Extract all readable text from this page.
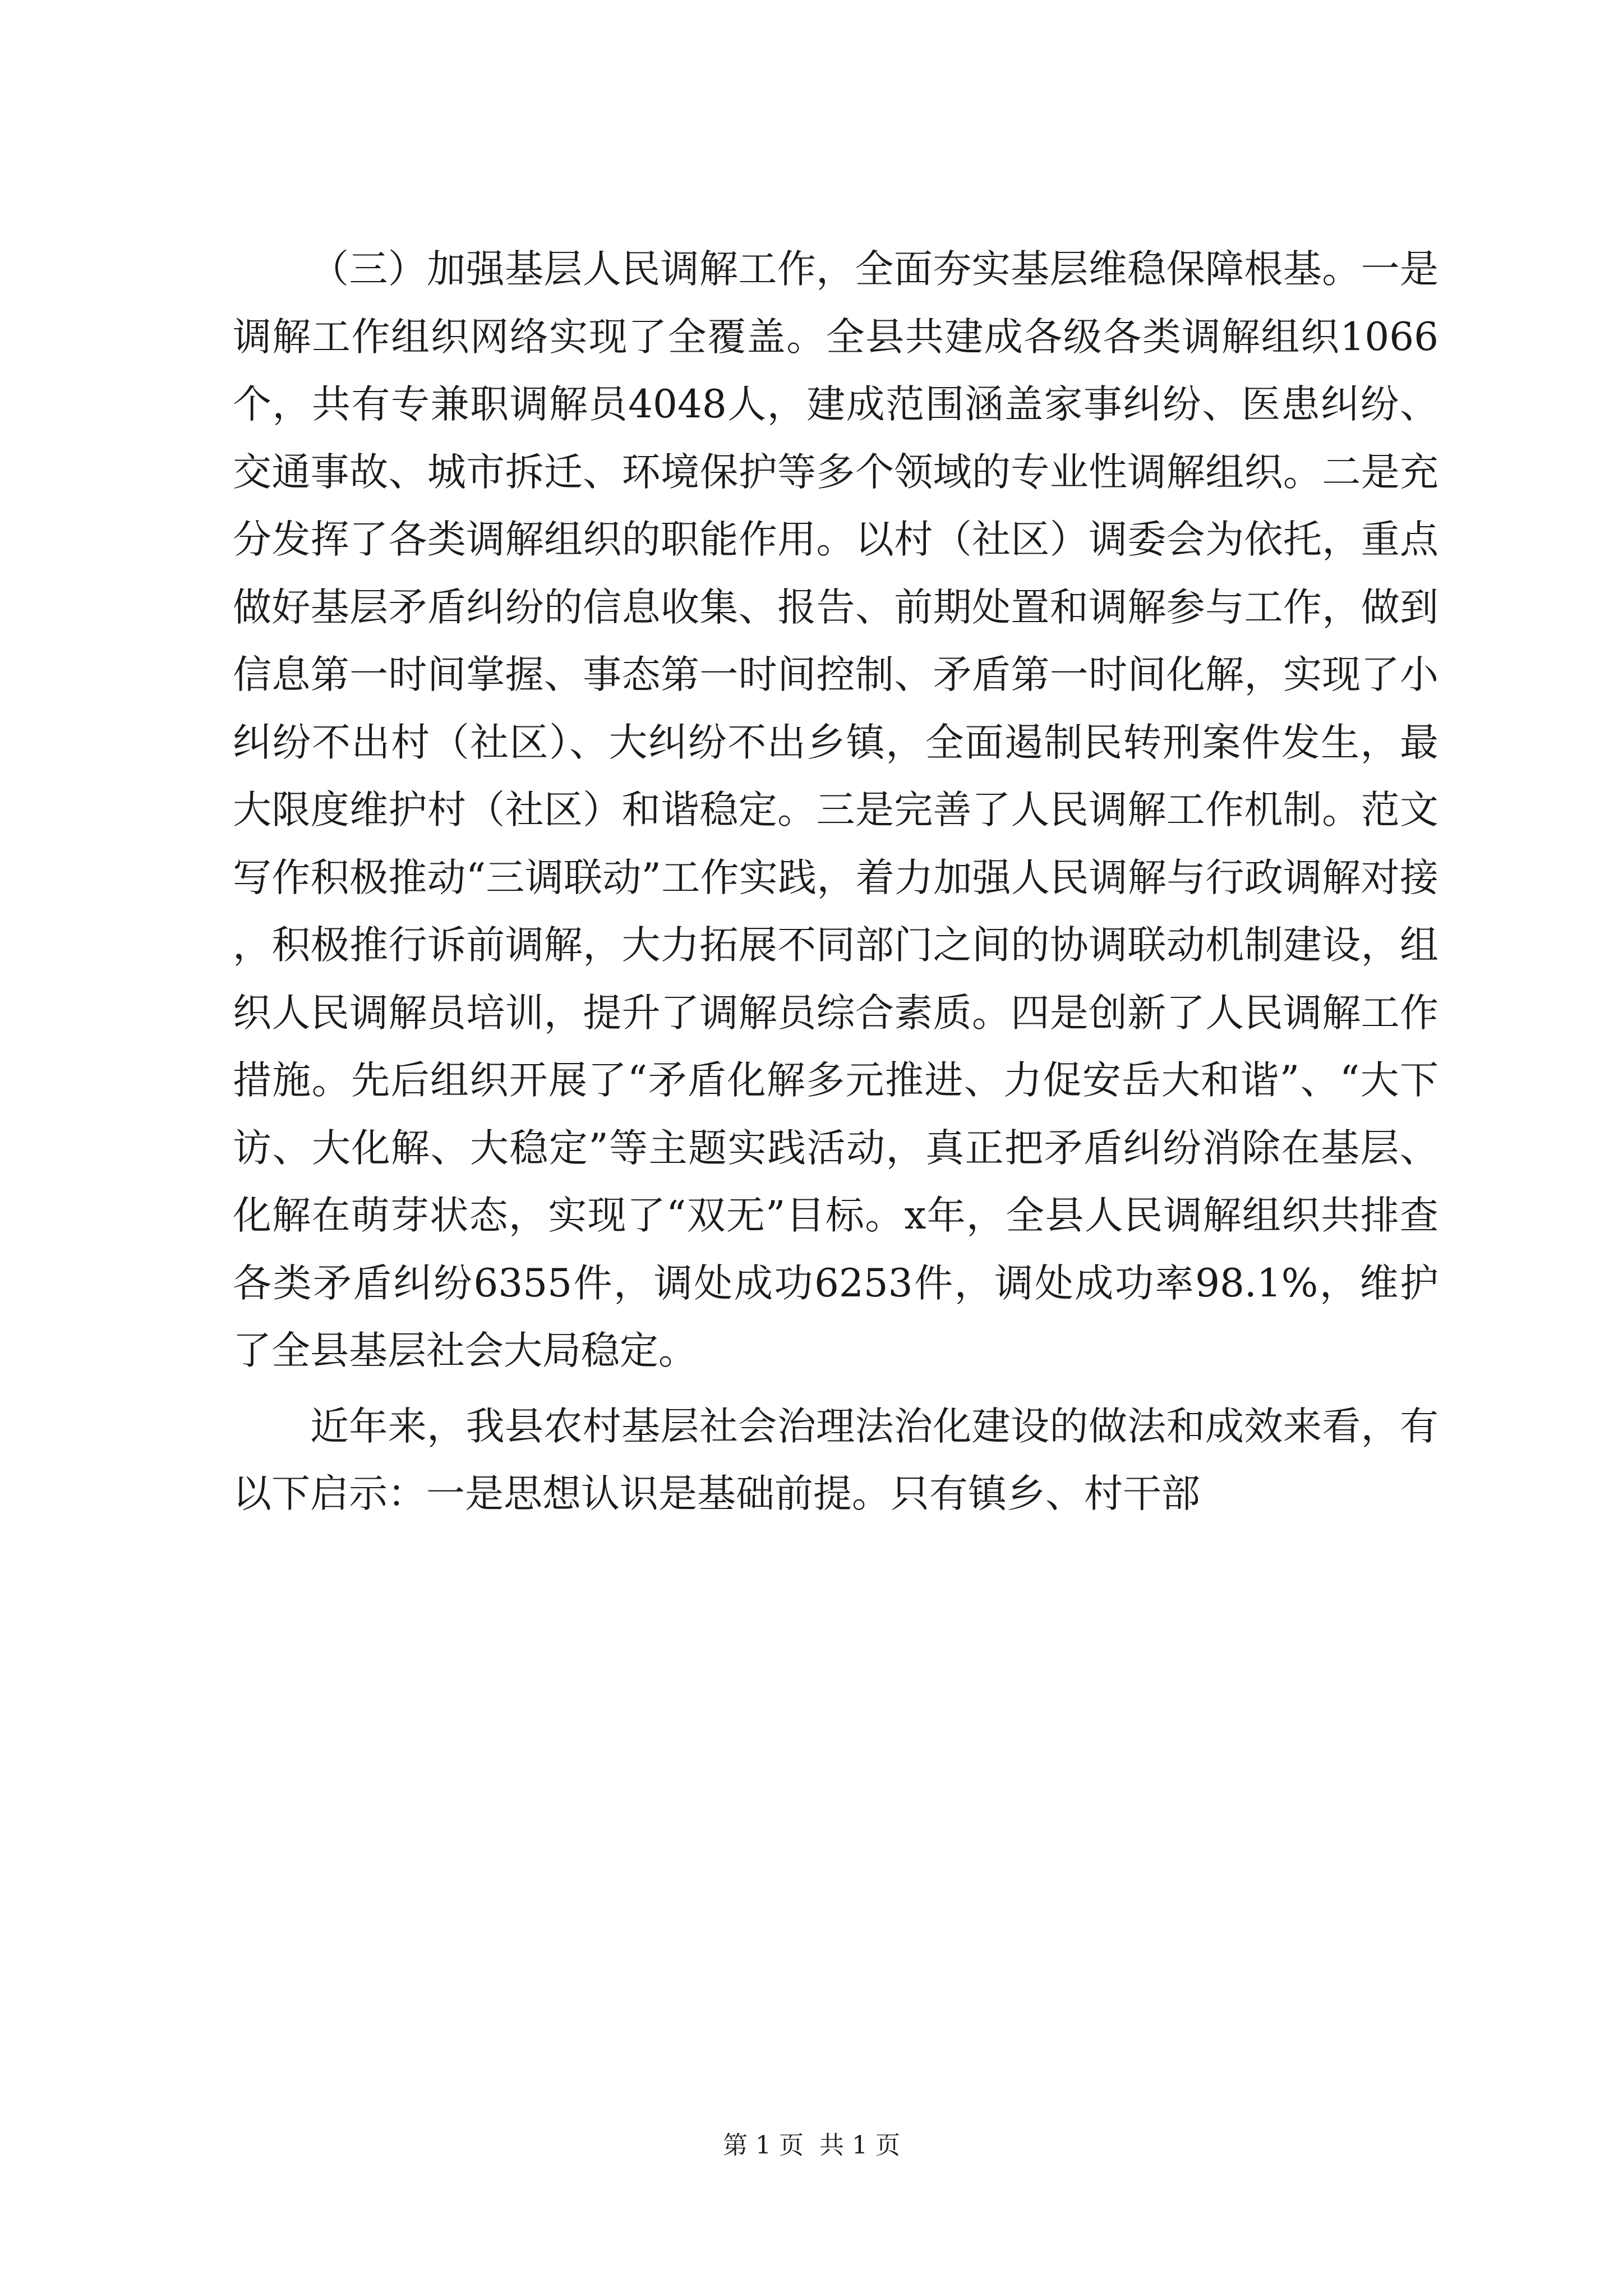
（三）加强基层人民调解工作，全面夯实基层维稳保障根基。一是调解工作组织网络实现了全覆盖。全县共建成各级各类调解组织1066个，共有专兼职调解员4048人，建成范围涵盖家事纠纷、医患纠纷、交通事故、城市拆迁、环境保护等多个领域的专业性调解组织。二是充分发挥了各类调解组织的职能作用。以村（社区）调委会为依托，重点做好基层矛盾纠纷的信息收集、报告、前期处置和调解参与工作，做到信息第一时间掌握、事态第一时间控制、矛盾第一时间化解，实现了小纠纷不出村（社区）、大纠纷不出乡镇，全面遏制民转刑案件发生，最大限度维护村（社区）和谐稳定。三是完善了人民调解工作机制。范文写作积极推动“三调联动”工作实践，着力加强人民调解与行政调解对接，积极推行诉前调解，大力拓展不同部门之间的协调联动机制建设，组织人民调解员培训，提升了调解员综合素质。四是创新了人民调解工作措施。先后组织开展了“矛盾化解多元推进、力促安岳大和谐”、“大下访、大化解、大稳定”等主题实践活动，真正把矛盾纠纷消除在基层、化解在萌芽状态，实现了“双无”目标。x年，全县人民调解组织共排查各类矛盾纠纷6355件，调处成功6253件，调处成功率98.1%，维护了全县基层社会大局稳定。

近年来，我县农村基层社会治理法治化建设的做法和成效来看，有以下启示：一是思想认识是基础前提。只有镇乡、村干部

第 1 页  共 1 页
